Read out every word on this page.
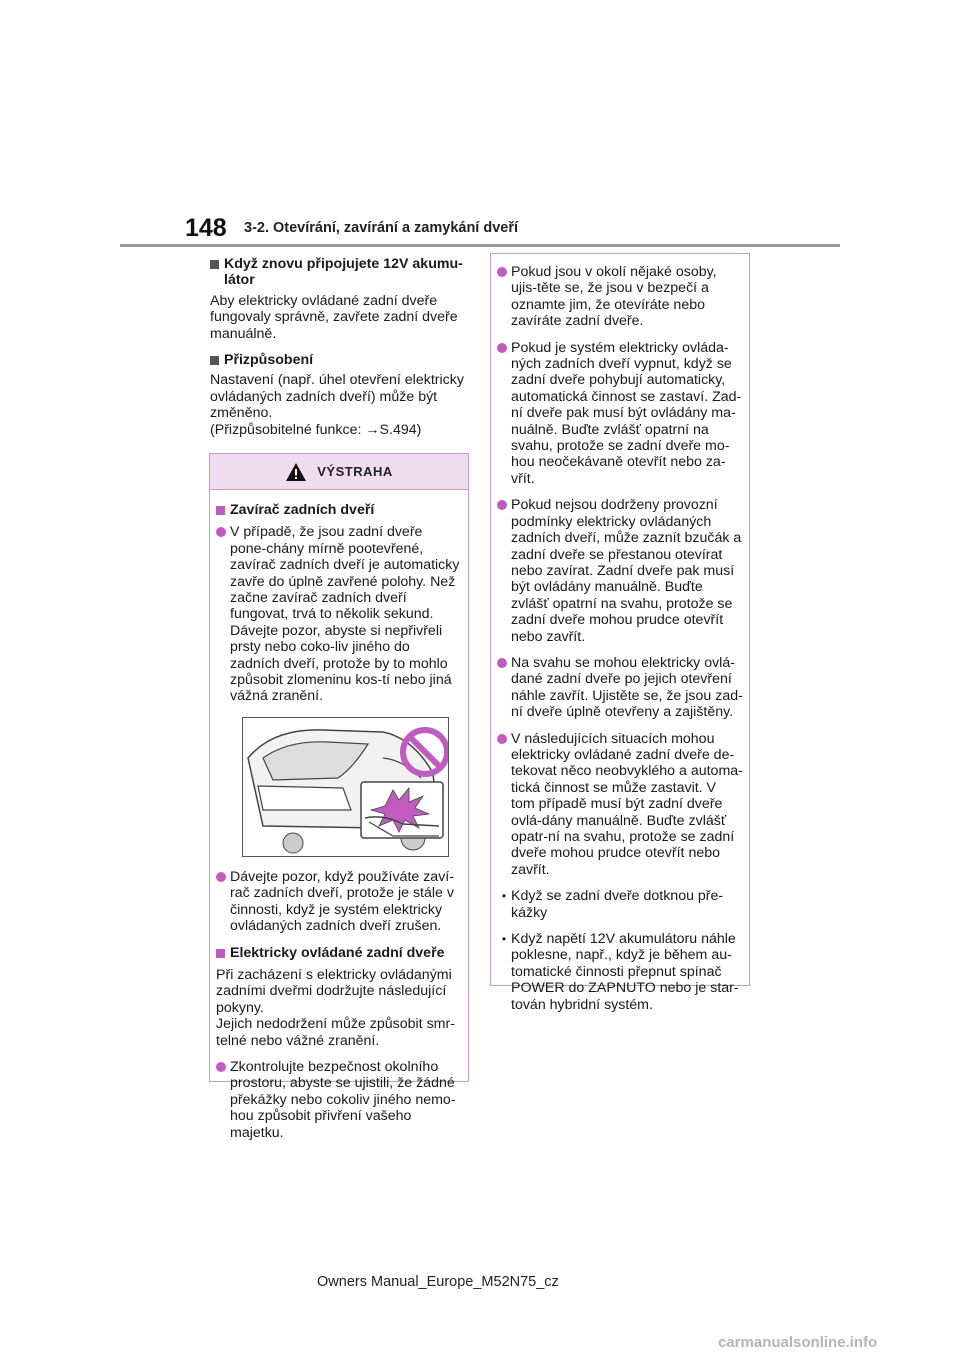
148 3-2. Otevírání, zavírání a zamykání dveří
Když znovu připojujete 12V akumu-látor
Aby elektricky ovládané zadní dveře fungovaly správně, zavřete zadní dveře manuálně.
Přizpůsobení
Nastavení (např. úhel otevření elektricky ovládaných zadních dveří) může být změněno.
(Přizpůsobitelné funkce: →S.494)
VÝSTRAHA
Zavírač zadních dveří
V případě, že jsou zadní dveře pone-chány mírně pootevřené, zavírač zadních dveří je automaticky zavře do úplně zavřené polohy. Než začne zavírač zadních dveří fungovat, trvá to několik sekund. Dávejte pozor, abyste si nepřivřeli prsty nebo coko-liv jiného do zadních dveří, protože by to mohlo způsobit zlomeninu kos-tí nebo jiná vážná zranění.
Dávejte pozor, když používáte zaví-rač zadních dveří, protože je stále v činnosti, když je systém elektricky ovládaných zadních dveří zrušen.
Elektricky ovládané zadní dveře
Při zacházení s elektricky ovládanými zadními dveřmi dodržujte následující pokyny.
Jejich nedodržení může způsobit smr-telné nebo vážné zranění.
Zkontrolujte bezpečnost okolního prostoru, abyste se ujistili, že žádné překážky nebo cokoliv jiného nemo-hou způsobit přivření vašeho majetku.
Pokud jsou v okolí nějaké osoby, ujis-těte se, že jsou v bezpečí a oznamte jim, že otevíráte nebo zavíráte zadní dveře.
Pokud je systém elektricky ovláda-ných zadních dveří vypnut, když se zadní dveře pohybují automaticky, automatická činnost se zastaví. Zad-ní dveře pak musí být ovládány ma-nuálně. Buďte zvlášť opatrní na svahu, protože se zadní dveře mo-hou neočekávaně otevřít nebo za-vřít.
Pokud nejsou dodrženy provozní podmínky elektricky ovládaných zadních dveří, může zaznít bzučák a zadní dveře se přestanou otevírat nebo zavírat. Zadní dveře pak musí být ovládány manuálně. Buďte zvlášť opatrní na svahu, protože se zadní dveře mohou prudce otevřít nebo zavřít.
Na svahu se mohou elektricky ovlá-dané zadní dveře po jejich otevření náhle zavřít. Ujistěte se, že jsou zad-ní dveře úplně otevřeny a zajištěny.
V následujících situacích mohou elektricky ovládané zadní dveře de-tekovat něco neobvyklého a automa-tická činnost se může zastavit. V tom případě musí být zadní dveře ovlá-dány manuálně. Buďte zvlášť opatr-ní na svahu, protože se zadní dveře mohou prudce otevřít nebo zavřít.
• Když se zadní dveře dotknou pře-kážky
• Když napětí 12V akumulátoru náhle poklesne, např., když je během au-tomatické činnosti přepnut spínač POWER do ZAPNUTO nebo je star-tován hybridní systém.
Owners Manual_Europe_M52N75_cz
carmanualsonline.info
